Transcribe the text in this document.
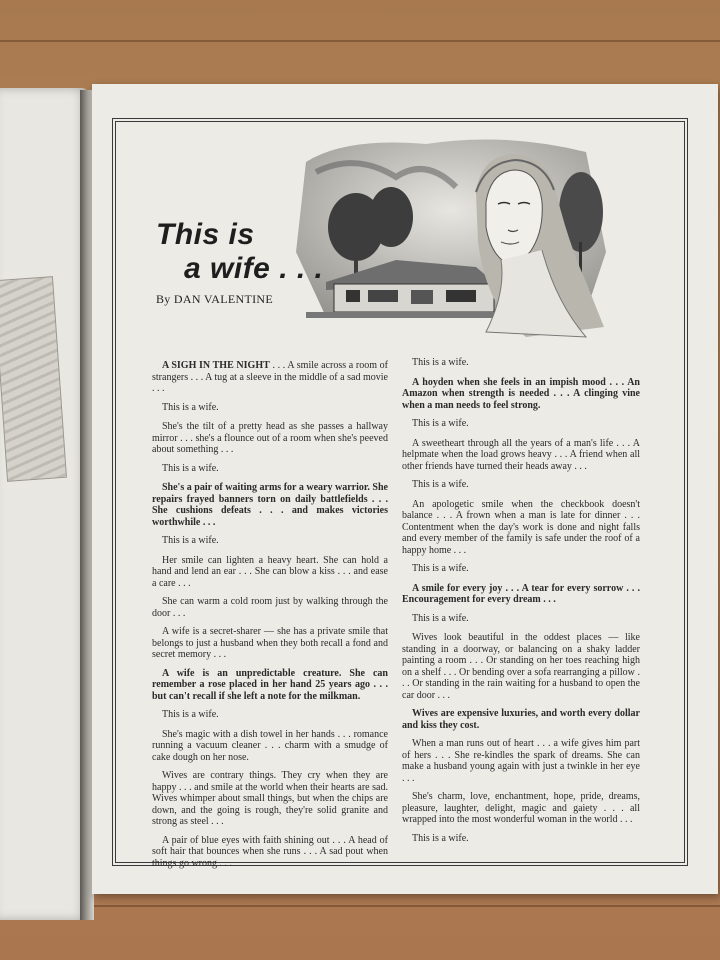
This is
a wife . . .
By DAN VALENTINE

A SIGH IN THE NIGHT . . . A smile across a room of strangers . . . A tug at a sleeve in the middle of a sad movie . . .

This is a wife.

She's the tilt of a pretty head as she passes a hallway mirror . . . she's a flounce out of a room when she's peeved about something . . .

This is a wife.

She's a pair of waiting arms for a weary warrior. She repairs frayed banners torn on daily battlefields . . . She cushions defeats . . . and makes victories worthwhile . . .

This is a wife.

Her smile can lighten a heavy heart. She can hold a hand and lend an ear . . . She can blow a kiss . . . and ease a care . . .

She can warm a cold room just by walking through the door . . .

A wife is a secret-sharer — she has a private smile that belongs to just a husband when they both recall a fond and secret memory . . .

A wife is an unpredictable creature. She can remember a rose placed in her hand 25 years ago . . . but can't recall if she left a note for the milkman.

This is a wife.

She's magic with a dish towel in her hands . . . romance running a vacuum cleaner . . . charm with a smudge of cake dough on her nose.

Wives are contrary things. They cry when they are happy . . . and smile at the world when their hearts are sad. Wives whimper about small things, but when the chips are down, and the going is rough, they're solid granite and strong as steel . . .

A pair of blue eyes with faith shining out . . . A head of soft hair that bounces when she runs . . . A sad pout when things go wrong . . .

This is a wife.

A hoyden when she feels in an impish mood . . . An Amazon when strength is needed . . . A clinging vine when a man needs to feel strong.

This is a wife.

A sweetheart through all the years of a man's life . . . A helpmate when the load grows heavy . . . A friend when all other friends have turned their heads away . . .

This is a wife.

An apologetic smile when the checkbook doesn't balance . . . A frown when a man is late for dinner . . . Contentment when the day's work is done and night falls and every member of the family is safe under the roof of a happy home . . .

This is a wife.

A smile for every joy . . . A tear for every sorrow . . . Encouragement for every dream . . .

This is a wife.

Wives look beautiful in the oddest places — like standing in a doorway, or balancing on a shaky ladder painting a room . . . Or standing on her toes reaching high on a shelf . . . Or bending over a sofa rearranging a pillow . . . Or standing in the rain waiting for a husband to open the car door . . .

Wives are expensive luxuries, and worth every dollar and kiss they cost.

When a man runs out of heart . . . a wife gives him part of hers . . . She re-kindles the spark of dreams. She can make a husband young again with just a twinkle in her eye . . .

She's charm, love, enchantment, hope, pride, dreams, pleasure, laughter, delight, magic and gaiety . . . all wrapped into the most wonderful woman in the world . . .

This is a wife.
